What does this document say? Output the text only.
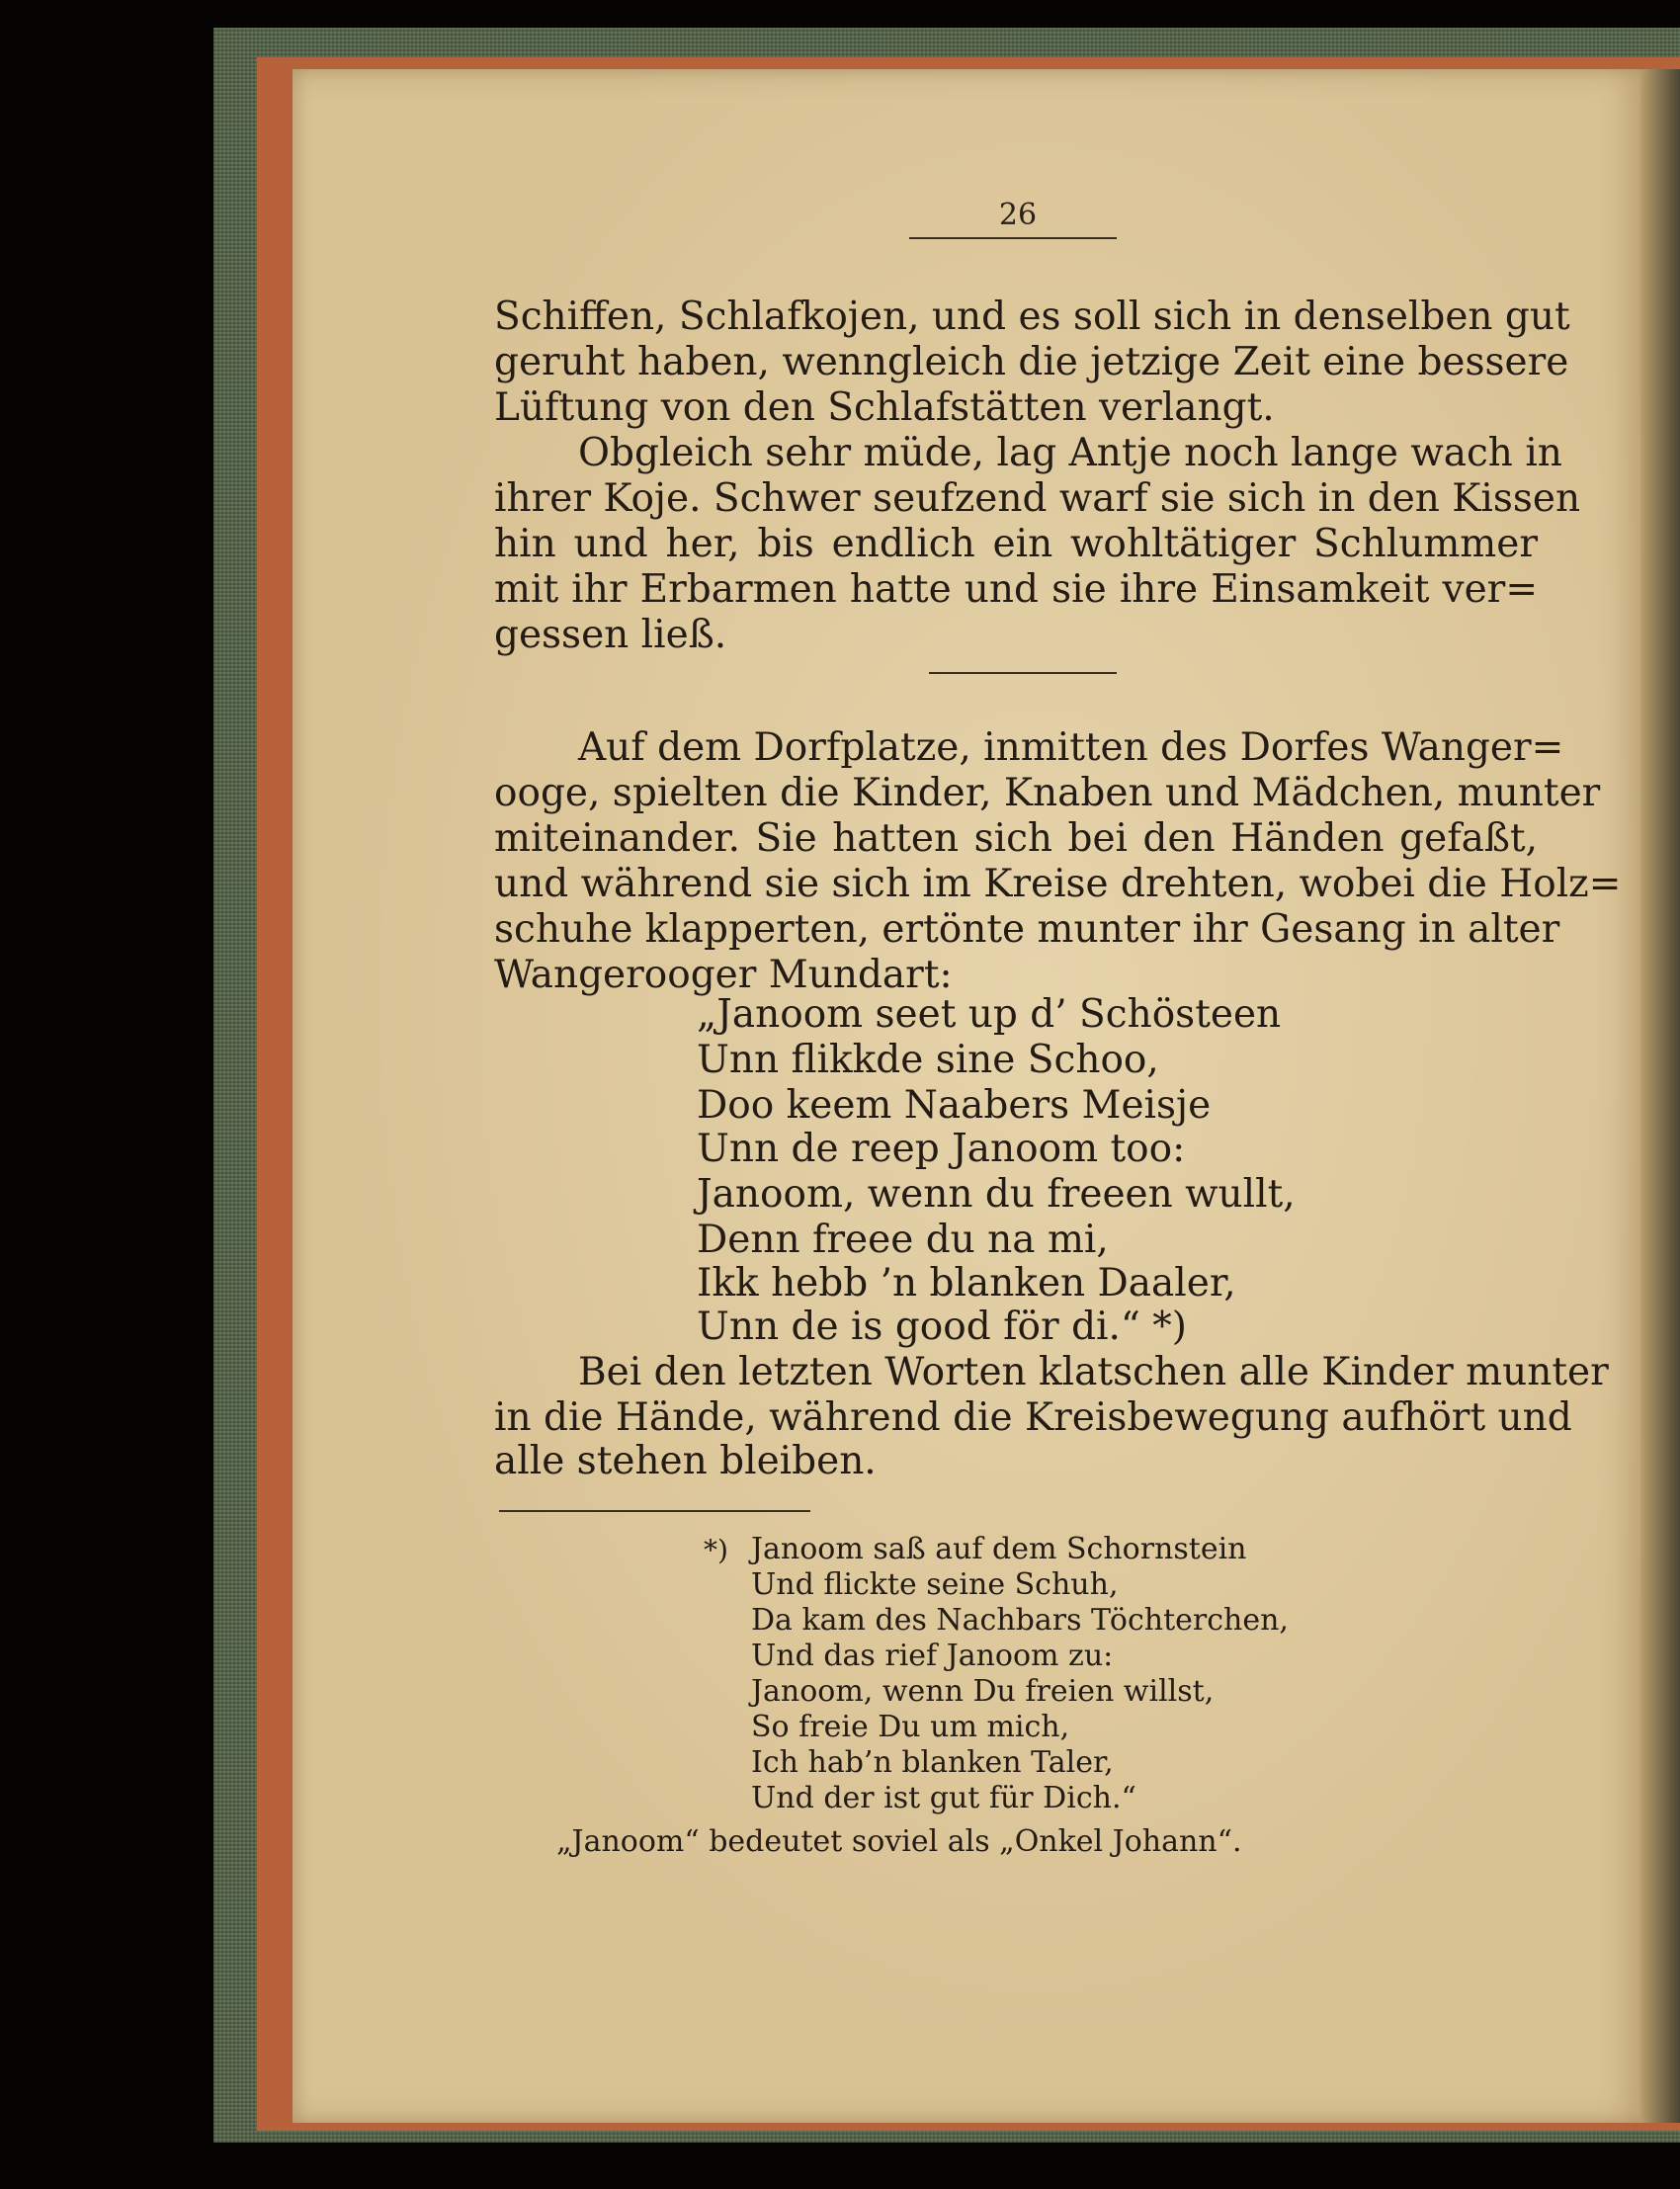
26
Schiffen, Schlafkojen, und es soll sich in denselben gut
geruht haben, wenngleich die jetzige Zeit eine bessere
Lüftung von den Schlafstätten verlangt.
Obgleich sehr müde, lag Antje noch lange wach in
ihrer Koje. Schwer seufzend warf sie sich in den Kissen
hin und her, bis endlich ein wohltätiger Schlummer
mit ihr Erbarmen hatte und sie ihre Einsamkeit ver=
gessen ließ.
Auf dem Dorfplatze, inmitten des Dorfes Wanger=
ooge, spielten die Kinder, Knaben und Mädchen, munter
miteinander. Sie hatten sich bei den Händen gefaßt,
und während sie sich im Kreise drehten, wobei die Holz=
schuhe klapperten, ertönte munter ihr Gesang in alter
Wangerooger Mundart:
„Janoom seet up d’ Schösteen
Unn flikkde sine Schoo,
Doo keem Naabers Meisje
Unn de reep Janoom too:
Janoom, wenn du freeen wullt,
Denn freee du na mi,
Ikk hebb ’n blanken Daaler,
Unn de is good för di.“ *)
Bei den letzten Worten klatschen alle Kinder munter
in die Hände, während die Kreisbewegung aufhört und
alle stehen bleiben.
*) Janoom saß auf dem Schornstein
Und flickte seine Schuh,
Da kam des Nachbars Töchterchen,
Und das rief Janoom zu:
Janoom, wenn Du freien willst,
So freie Du um mich,
Ich hab’n blanken Taler,
Und der ist gut für Dich.“
„Janoom“ bedeutet soviel als „Onkel Johann“.
